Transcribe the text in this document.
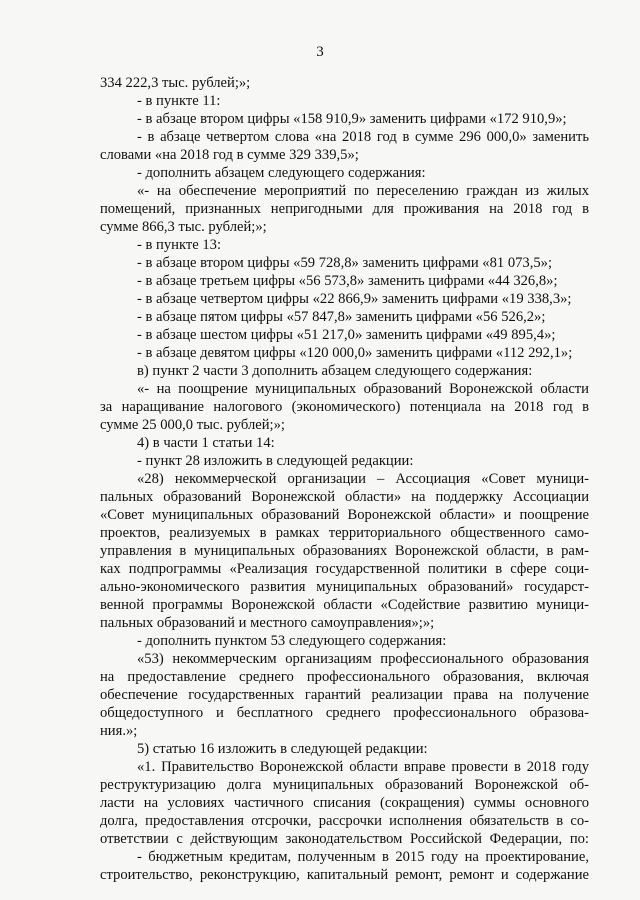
3
334 222,3 тыс. рублей;»;
- в пункте 11:
- в абзаце втором цифры «158 910,9» заменить цифрами «172 910,9»;
- в абзаце четвертом слова «на 2018 год в сумме 296 000,0» заменить
словами «на 2018 год в сумме 329 339,5»;
- дополнить абзацем следующего содержания:
«- на обеспечение мероприятий по переселению граждан из жилых
помещений, признанных непригодными для проживания на 2018 год в
сумме 866,3 тыс. рублей;»;
- в пункте 13:
- в абзаце втором цифры «59 728,8» заменить цифрами «81 073,5»;
- в абзаце третьем цифры «56 573,8» заменить цифрами «44 326,8»;
- в абзаце четвертом цифры «22 866,9» заменить цифрами «19 338,3»;
- в абзаце пятом цифры «57 847,8» заменить цифрами «56 526,2»;
- в абзаце шестом цифры «51 217,0» заменить цифрами «49 895,4»;
- в абзаце девятом цифры «120 000,0» заменить цифрами «112 292,1»;
в) пункт 2 части 3 дополнить абзацем следующего содержания:
«- на поощрение муниципальных образований Воронежской области
за наращивание налогового (экономического) потенциала на 2018 год в
сумме 25 000,0 тыс. рублей;»;
4) в части 1 статьи 14:
- пункт 28 изложить в следующей редакции:
«28) некоммерческой организации – Ассоциация «Совет муници-
пальных образований Воронежской области» на поддержку Ассоциации
«Совет муниципальных образований Воронежской области» и поощрение
проектов, реализуемых в рамках территориального общественного само-
управления в муниципальных образованиях Воронежской области, в рам-
ках подпрограммы «Реализация государственной политики в сфере соци-
ально-экономического развития муниципальных образований» государст-
венной программы Воронежской области «Содействие развитию муници-
пальных образований и местного самоуправления»;»;
- дополнить пунктом 53 следующего содержания:
«53) некоммерческим организациям профессионального образования
на предоставление среднего профессионального образования, включая
обеспечение государственных гарантий реализации права на получение
общедоступного и бесплатного среднего профессионального образова-
ния.»;
5) статью 16 изложить в следующей редакции:
«1. Правительство Воронежской области вправе провести в 2018 году
реструктуризацию долга муниципальных образований Воронежской об-
ласти на условиях частичного списания (сокращения) суммы основного
долга, предоставления отсрочки, рассрочки исполнения обязательств в со-
ответствии с действующим законодательством Российской Федерации, по:
- бюджетным кредитам, полученным в 2015 году на проектирование,
строительство, реконструкцию, капитальный ремонт, ремонт и содержание
